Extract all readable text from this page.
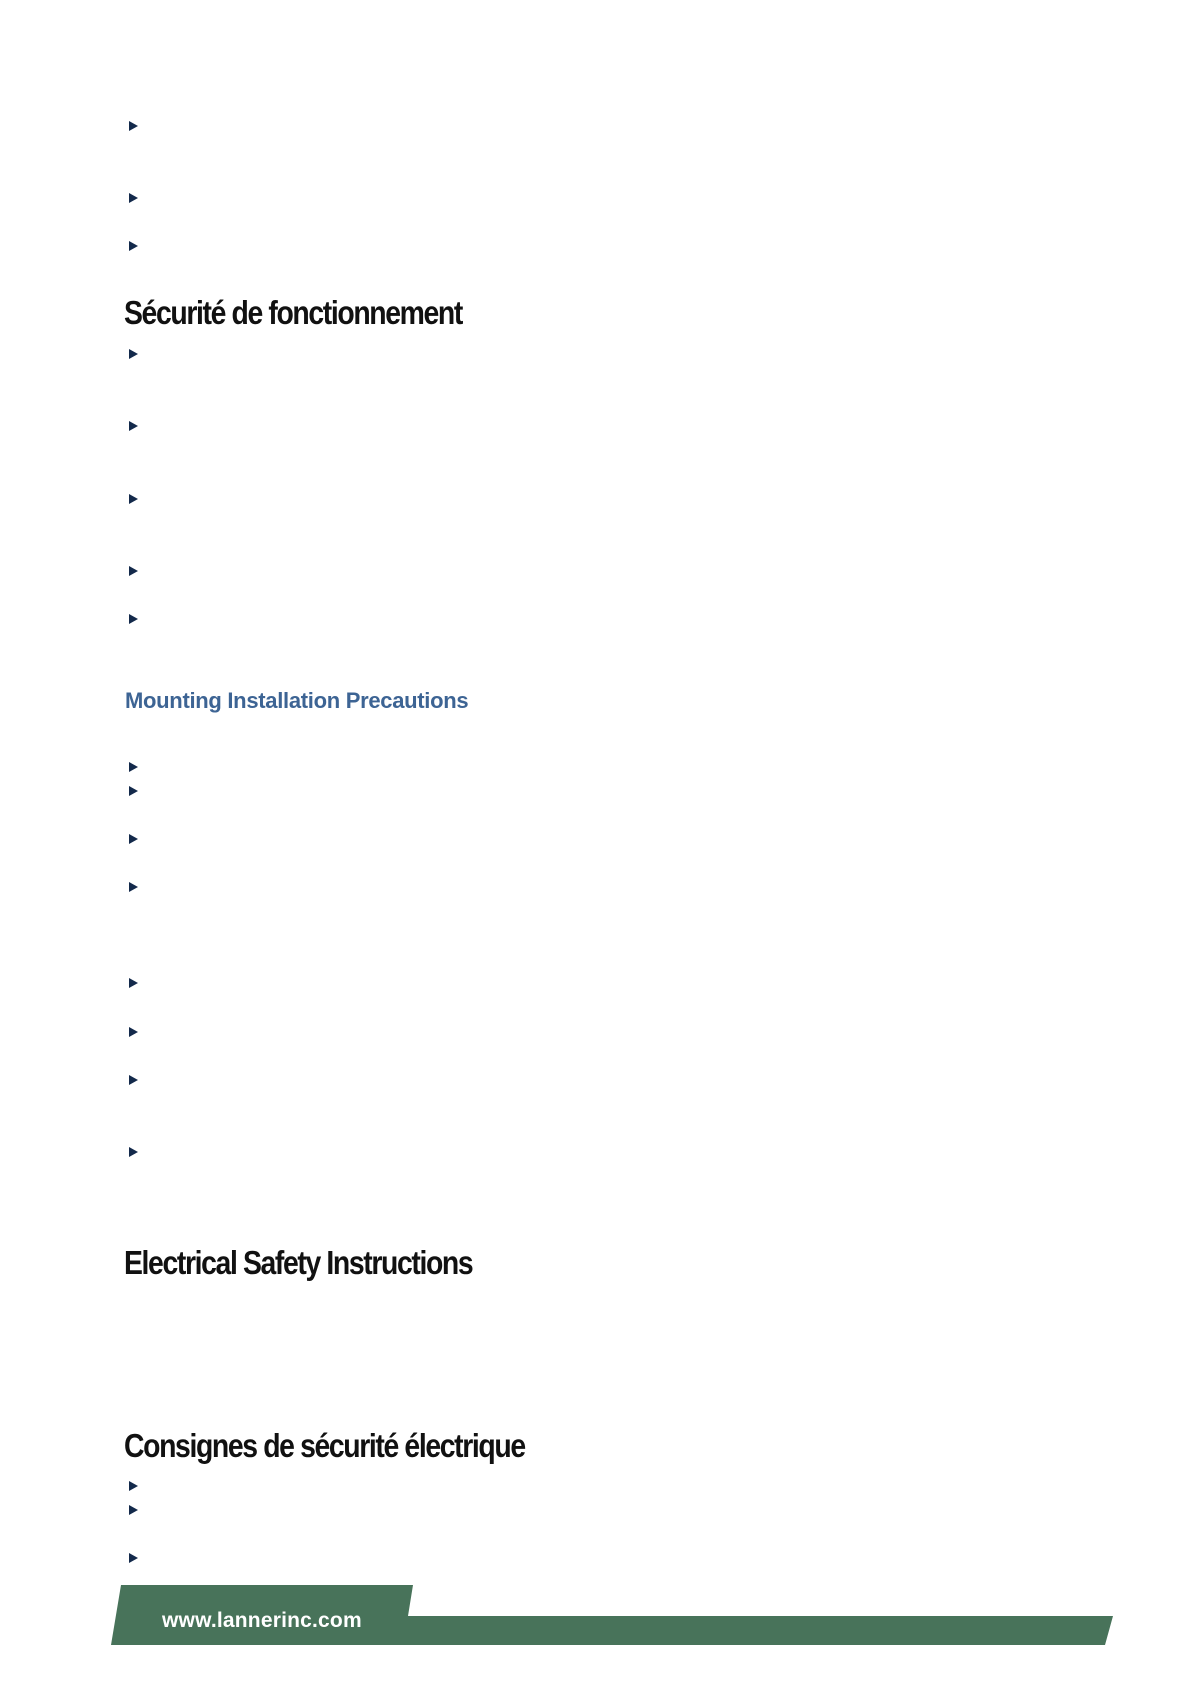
Sécurité de fonctionnement
Mounting Installation Precautions
Electrical Safety Instructions
Consignes de sécurité électrique
www.lannerinc.com
